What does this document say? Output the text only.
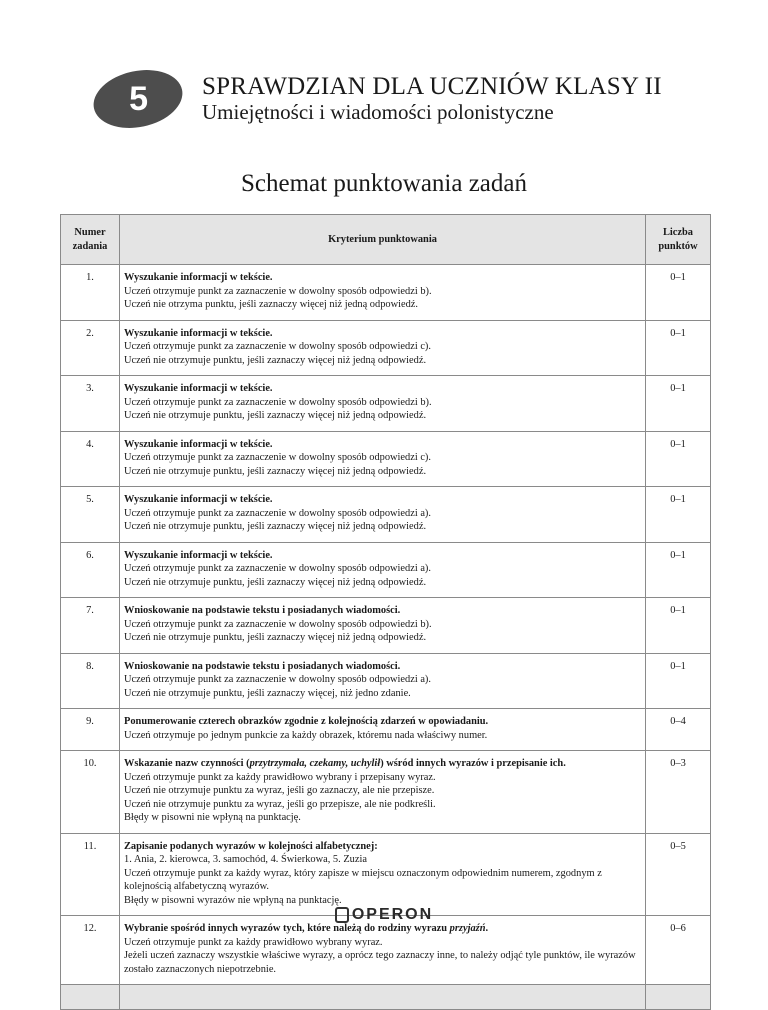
5 SPRAWDZIAN DLA UCZNIÓW KLASY II
Umiejętności i wiadomości polonistyczne
Schemat punktowania zadań
Numer zadania	Kryterium punktowania	Liczba punktów
1.	Wyszukanie informacji w tekście.
Uczeń otrzymuje punkt za zaznaczenie w dowolny sposób odpowiedzi b).
Uczeń nie otrzyma punktu, jeśli zaznaczy więcej niż jedną odpowiedź.	0–1
2.	Wyszukanie informacji w tekście.
Uczeń otrzymuje punkt za zaznaczenie w dowolny sposób odpowiedzi c).
Uczeń nie otrzymuje punktu, jeśli zaznaczy więcej niż jedną odpowiedź.	0–1
3.	Wyszukanie informacji w tekście.
Uczeń otrzymuje punkt za zaznaczenie w dowolny sposób odpowiedzi b).
Uczeń nie otrzymuje punktu, jeśli zaznaczy więcej niż jedną odpowiedź.	0–1
4.	Wyszukanie informacji w tekście.
Uczeń otrzymuje punkt za zaznaczenie w dowolny sposób odpowiedzi c).
Uczeń nie otrzymuje punktu, jeśli zaznaczy więcej niż jedną odpowiedź.	0–1
5.	Wyszukanie informacji w tekście.
Uczeń otrzymuje punkt za zaznaczenie w dowolny sposób odpowiedzi a).
Uczeń nie otrzymuje punktu, jeśli zaznaczy więcej niż jedną odpowiedź.	0–1
6.	Wyszukanie informacji w tekście.
Uczeń otrzymuje punkt za zaznaczenie w dowolny sposób odpowiedzi a).
Uczeń nie otrzymuje punktu, jeśli zaznaczy więcej niż jedną odpowiedź.	0–1
7.	Wnioskowanie na podstawie tekstu i posiadanych wiadomości.
Uczeń otrzymuje punkt za zaznaczenie w dowolny sposób odpowiedzi b).
Uczeń nie otrzymuje punktu, jeśli zaznaczy więcej niż jedną odpowiedź.	0–1
8.	Wnioskowanie na podstawie tekstu i posiadanych wiadomości.
Uczeń otrzymuje punkt za zaznaczenie w dowolny sposób odpowiedzi a).
Uczeń nie otrzymuje punktu, jeśli zaznaczy więcej, niż jedno zdanie.	0–1
9.	Ponumerowanie czterech obrazków zgodnie z kolejnością zdarzeń w opowiadaniu.
Uczeń otrzymuje po jednym punkcie za każdy obrazek, któremu nada właściwy numer.	0–4
10.	Wskazanie nazw czynności (przytrzymała, czekamy, uchylił) wśród innych wyrazów i przepisanie ich.
Uczeń otrzymuje punkt za każdy prawidłowo wybrany i przepisany wyraz.
Uczeń nie otrzymuje punktu za wyraz, jeśli go zaznaczy, ale nie przepisze.
Uczeń nie otrzymuje punktu za wyraz, jeśli go przepisze, ale nie podkreśli.
Błędy w pisowni nie wpłyną na punktację.	0–3
11.	Zapisanie podanych wyrazów w kolejności alfabetycznej:
1. Ania, 2. kierowca, 3. samochód, 4. Świerkowa, 5. Zuzia
Uczeń otrzymuje punkt za każdy wyraz, który zapisze w miejscu oznaczonym odpowiednim numerem, zgodnym z kolejnością alfabetyczną wyrazów.
Błędy w pisowni wyrazów nie wpłyną na punktację.	0–5
12.	Wybranie spośród innych wyrazów tych, które należą do rodziny wyrazu przyjaźń.
Uczeń otrzymuje punkt za każdy prawidłowo wybrany wyraz.
Jeżeli uczeń zaznaczy wszystkie właściwe wyrazy, a oprócz tego zaznaczy inne, to należy odjąć tyle punktów, ile wyrazów zostało zaznaczonych niepotrzebnie.	0–6

OPERON
